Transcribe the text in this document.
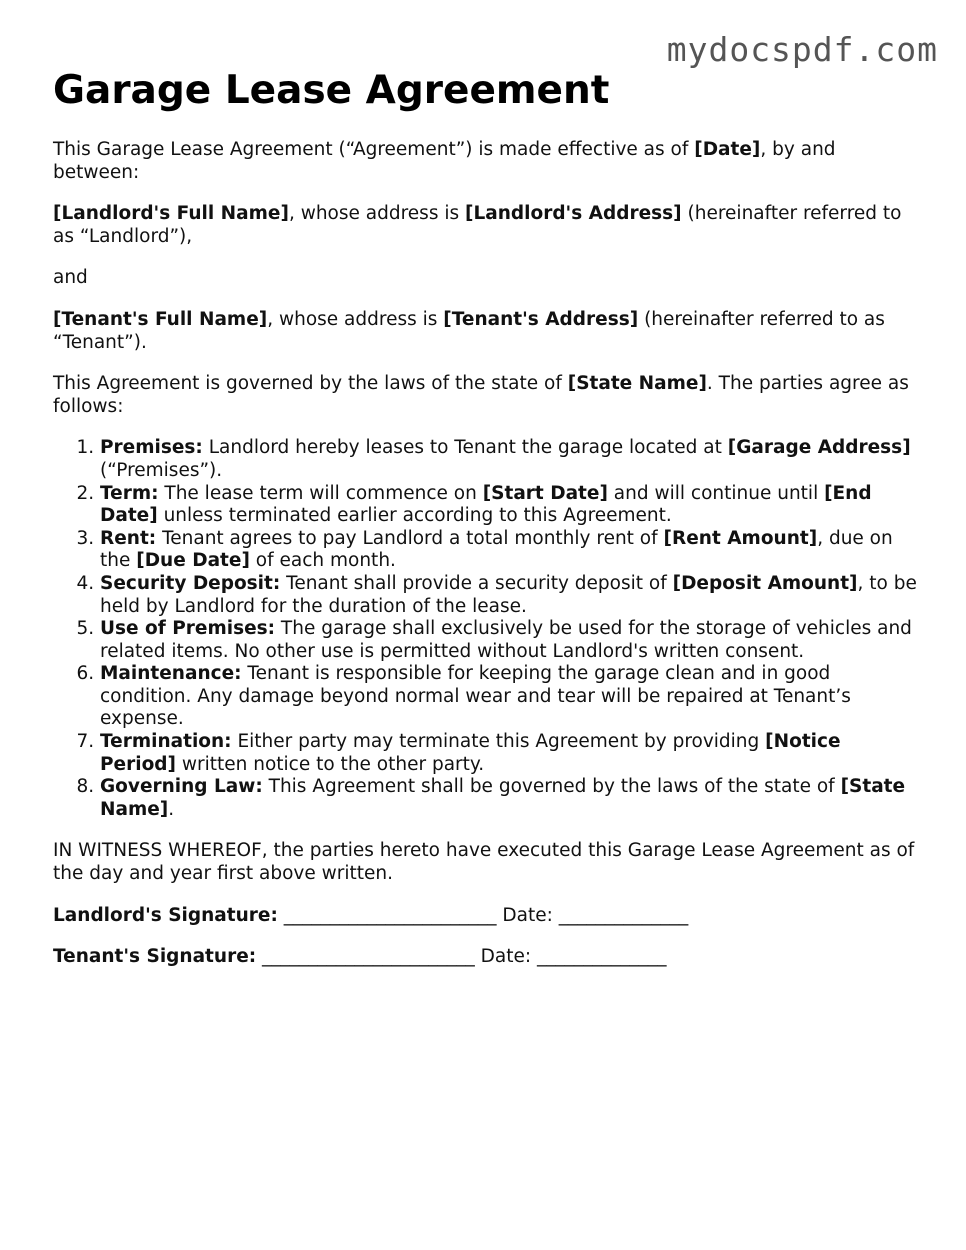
mydocspdf.com
Garage Lease Agreement

This Garage Lease Agreement (“Agreement”) is made effective as of [Date], by and between:

[Landlord's Full Name], whose address is [Landlord's Address] (hereinafter referred to as “Landlord”),

and

[Tenant's Full Name], whose address is [Tenant's Address] (hereinafter referred to as “Tenant”).

This Agreement is governed by the laws of the state of [State Name]. The parties agree as follows:

1. Premises: Landlord hereby leases to Tenant the garage located at [Garage Address] (“Premises”).
2. Term: The lease term will commence on [Start Date] and will continue until [End Date] unless terminated earlier according to this Agreement.
3. Rent: Tenant agrees to pay Landlord a total monthly rent of [Rent Amount], due on the [Due Date] of each month.
4. Security Deposit: Tenant shall provide a security deposit of [Deposit Amount], to be held by Landlord for the duration of the lease.
5. Use of Premises: The garage shall exclusively be used for the storage of vehicles and related items. No other use is permitted without Landlord's written consent.
6. Maintenance: Tenant is responsible for keeping the garage clean and in good condition. Any damage beyond normal wear and tear will be repaired at Tenant’s expense.
7. Termination: Either party may terminate this Agreement by providing [Notice Period] written notice to the other party.
8. Governing Law: This Agreement shall be governed by the laws of the state of [State Name].

IN WITNESS WHEREOF, the parties hereto have executed this Garage Lease Agreement as of the day and year first above written.

Landlord's Signature: _______________________ Date: ______________

Tenant's Signature: _______________________ Date: ______________
